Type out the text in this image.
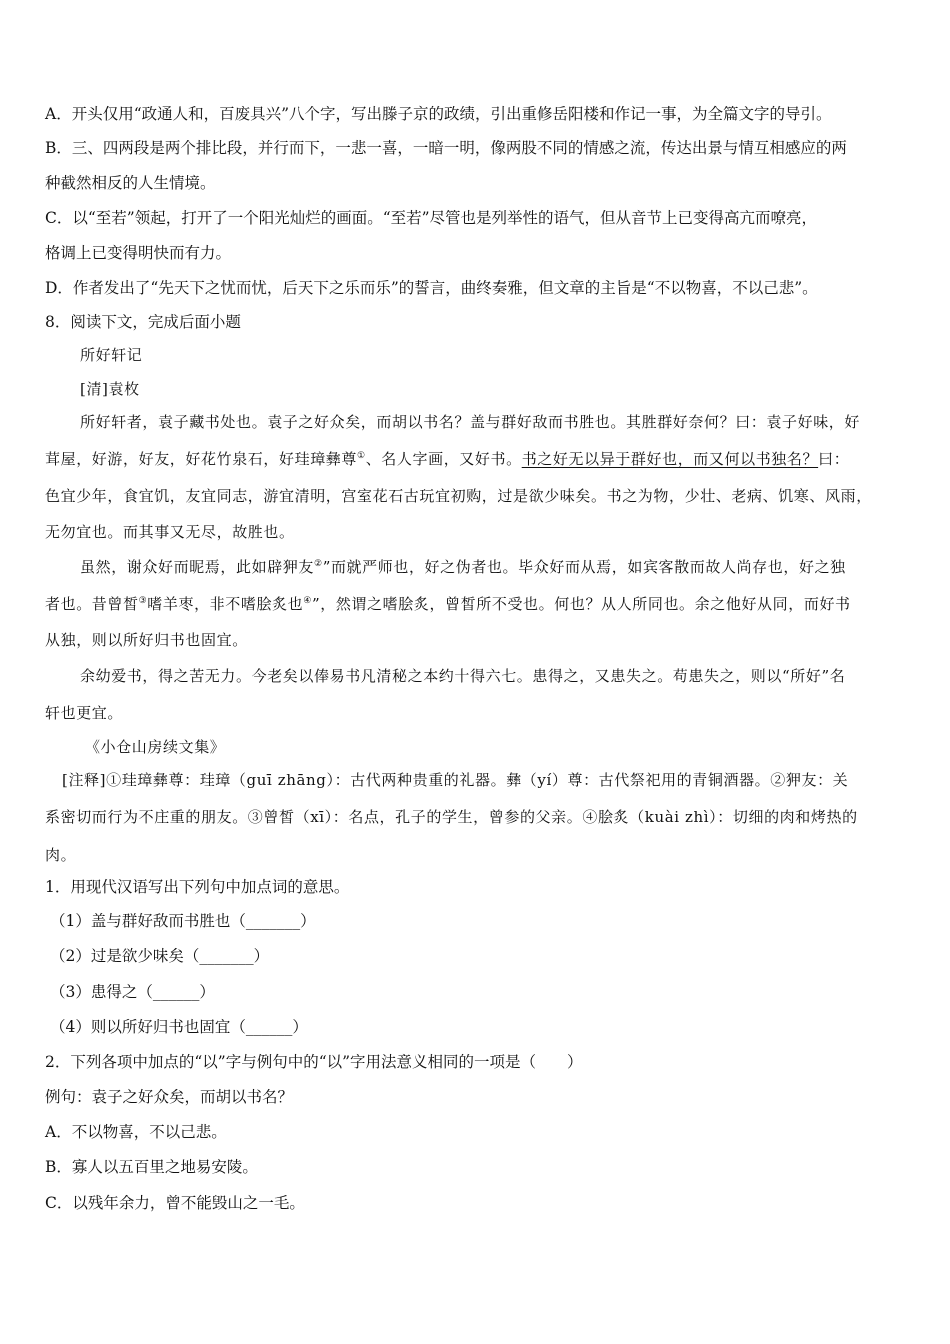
A．开头仅用“政通人和，百废具兴”八个字，写出滕子京的政绩，引出重修岳阳楼和作记一事，为全篇文字的导引。
B．三、四两段是两个排比段，并行而下，一悲一喜，一暗一明，像两股不同的情感之流，传达出景与情互相感应的两
种截然相反的人生情境。
C．以“至若”领起，打开了一个阳光灿烂的画面。“至若”尽管也是列举性的语气，但从音节上已变得高亢而嘹亮，
格调上已变得明快而有力。
D．作者发出了“先天下之忧而忧，后天下之乐而乐”的誓言，曲终奏雅，但文章的主旨是“不以物喜，不以己悲”。
8．阅读下文，完成后面小题
所好轩记
[清]袁枚
所好轩者，袁子藏书处也。袁子之好众矣，而胡以书名？盖与群好敌而书胜也。其胜群好奈何？曰：袁子好味，好
茸屋，好游，好友，好花竹泉石，好珪璋彝尊①、名人字画，又好书。书之好无以异于群好也，而又何以书独名？曰：
色宜少年，食宜饥，友宜同志，游宜清明，宫室花石古玩宜初购，过是欲少味矣。书之为物，少壮、老病、饥寒、风雨，
无勿宜也。而其事又无尽，故胜也。
虽然，谢众好而昵焉，此如辟狎友②”而就严师也，好之伪者也。毕众好而从焉，如宾客散而故人尚存也，好之独
者也。昔曾皙③嗜羊枣，非不嗜脍炙也④”，然谓之嗜脍炙，曾皙所不受也。何也？从人所同也。余之他好从同，而好书
从独，则以所好归书也固宜。
余幼爱书，得之苦无力。今老矣以俸易书凡清秘之本约十得六七。患得之，又患失之。苟患失之，则以“所好”名
轩也更宜。
《小仓山房续文集》
[注释]①珪璋彝尊：珪璋（guī zhāng）：古代两种贵重的礼器。彝（yí）尊：古代祭祀用的青铜酒器。②狎友：关
系密切而行为不庄重的朋友。③曾皙（xī）：名点，孔子的学生，曾参的父亲。④脍炙（kuài zhì）：切细的肉和烤热的
肉。
1．用现代汉语写出下列句中加点词的意思。
（1）盖与群好敌而书胜也（_______）
（2）过是欲少味矣（_______）
（3）患得之（______）
（4）则以所好归书也固宜（______）
2．下列各项中加点的“以”字与例句中的“以”字用法意义相同的一项是（　　）
例句：袁子之好众矣，而胡以书名？
A．不以物喜，不以己悲。
B．寡人以五百里之地易安陵。
C．以残年余力，曾不能毁山之一毛。
